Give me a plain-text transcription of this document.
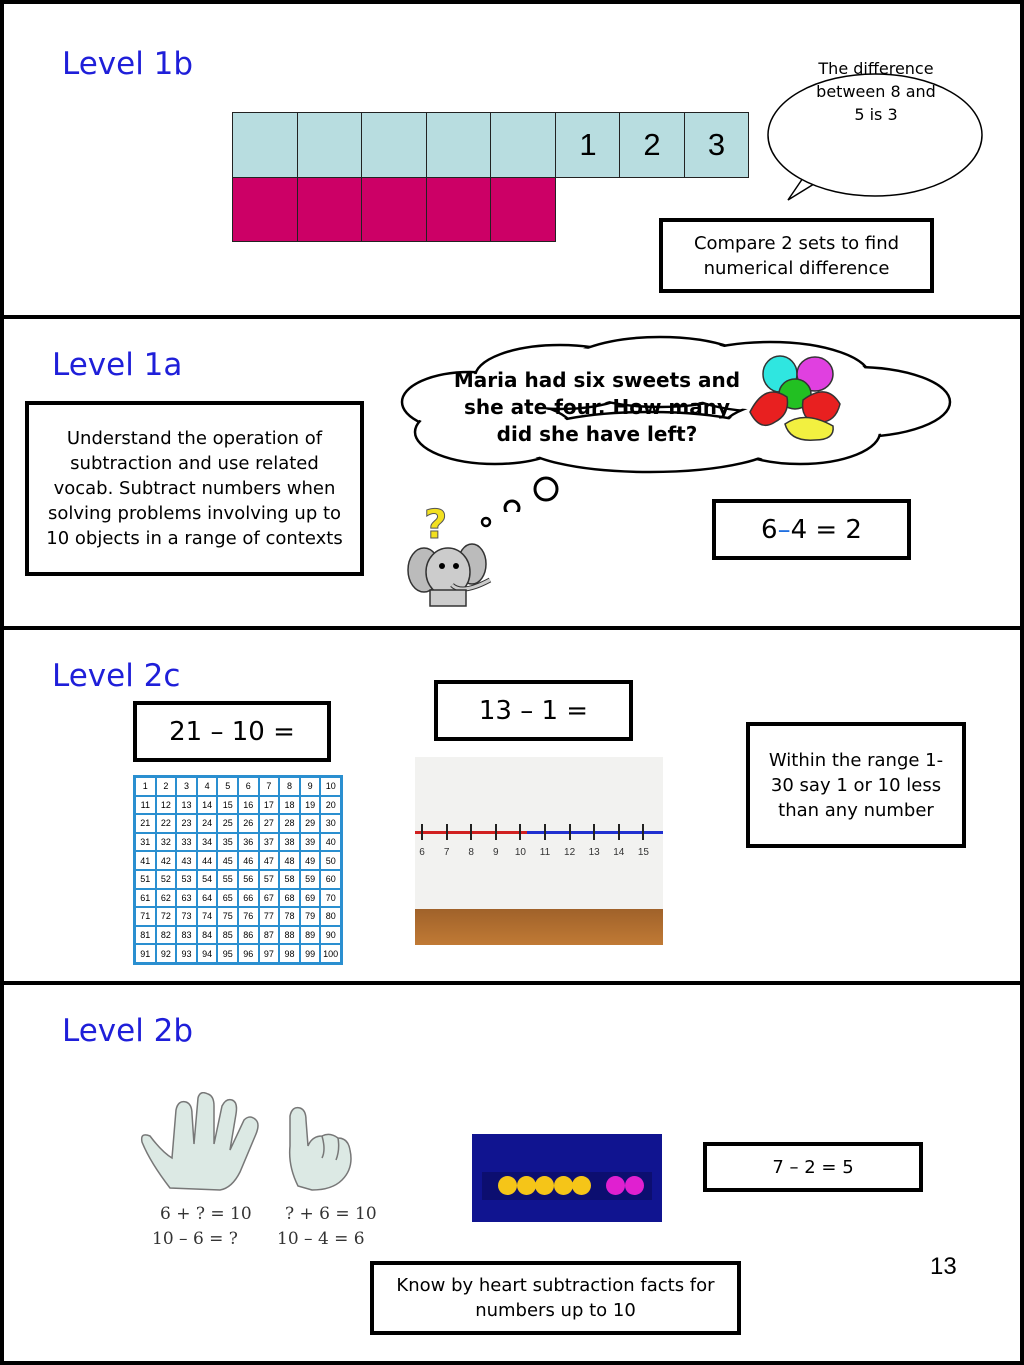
Level 1b
1	2	3
The difference between 8 and 5 is 3
Compare 2 sets to find numerical difference
Level 1a
Understand the operation of subtraction and use related vocab. Subtract numbers when solving problems involving up to 10 objects in a range of contexts
Maria had six sweets and she ate four. How many did she have left?
?	6 – 4 = 2
Level 2c
21 – 10 =
13 – 1 =
1	2	3	4	5	6	7	8	9	10
11	12	13	14	15	16	17	18	19	20
21	22	23	24	25	26	27	28	29	30
31	32	33	34	35	36	37	38	39	40
41	42	43	44	45	46	47	48	49	50
51	52	53	54	55	56	57	58	59	60
61	62	63	64	65	66	67	68	69	70
71	72	73	74	75	76	77	78	79	80
81	82	83	84	85	86	87	88	89	90
91	92	93	94	95	96	97	98	99 100
6	7	8	9	10 11 12 13 14 15
Within the range 1- 30 say 1 or 10 less than any number
Level 2b
6 + ? = 10
10 – 6 = ?
? + 6 = 10
10 – 4 = 6
7 – 2 = 5
Know by heart subtraction facts for numbers up to 10
13
